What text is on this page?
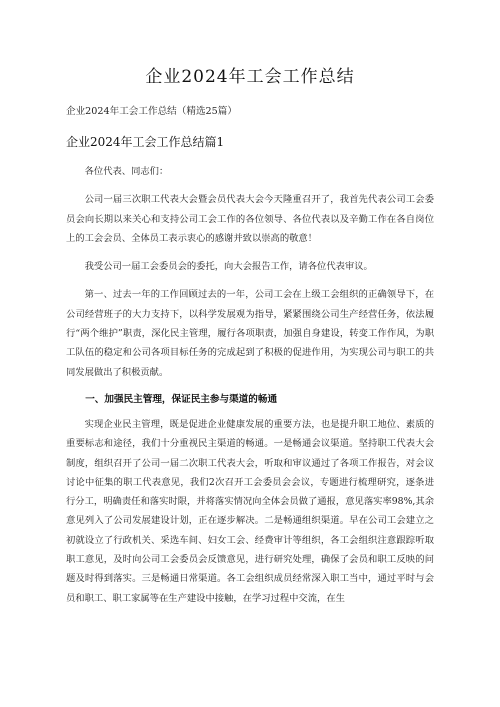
企业2024年工会工作总结

企业2024年工会工作总结（精选25篇）

企业2024年工会工作总结篇1

各位代表、同志们：

公司一届三次职工代表大会暨会员代表大会今天隆重召开了，我首先代表公司工会委员会向长期以来关心和支持公司工会工作的各位领导、各位代表以及辛勤工作在各自岗位上的工会会员、全体员工表示衷心的感谢并致以崇高的敬意！

我受公司一届工会委员会的委托，向大会报告工作，请各位代表审议。

第一、过去一年的工作回顾过去的一年，公司工会在上级工会组织的正确领导下，在公司经营班子的大力支持下，以科学发展观为指导，紧紧围绕公司生产经营任务，依法履行“两个维护”职责，深化民主管理，履行各项职责，加强自身建设，转变工作作风，为职工队伍的稳定和公司各项目标任务的完成起到了积极的促进作用，为实现公司与职工的共同发展做出了积极贡献。

一、加强民主管理，保证民主参与渠道的畅通

实现企业民主管理，既是促进企业健康发展的重要方法，也是提升职工地位、素质的重要标志和途径，我们十分重视民主渠道的畅通。一是畅通会议渠道。坚持职工代表大会制度，组织召开了公司一届二次职工代表大会，听取和审议通过了各项工作报告，对会议讨论中征集的职工代表意见，我们2次召开工会委员会会议，专题进行梳理研究，逐条进行分工，明确责任和落实时限，并将落实情况向全体会员做了通报，意见落实率98%,其余意见列入了公司发展建设计划，正在逐步解决。二是畅通组织渠道。早在公司工会建立之初就设立了行政机关、采选车间、妇女工会、经费审计等组织，各工会组织注意跟踪听取职工意见，及时向公司工会委员会反馈意见，进行研究处理，确保了会员和职工反映的问题及时得到落实。三是畅通日常渠道。各工会组织成员经常深入职工当中，通过平时与会员和职工、职工家属等在生产建设中接触，在学习过程中交流，在生
